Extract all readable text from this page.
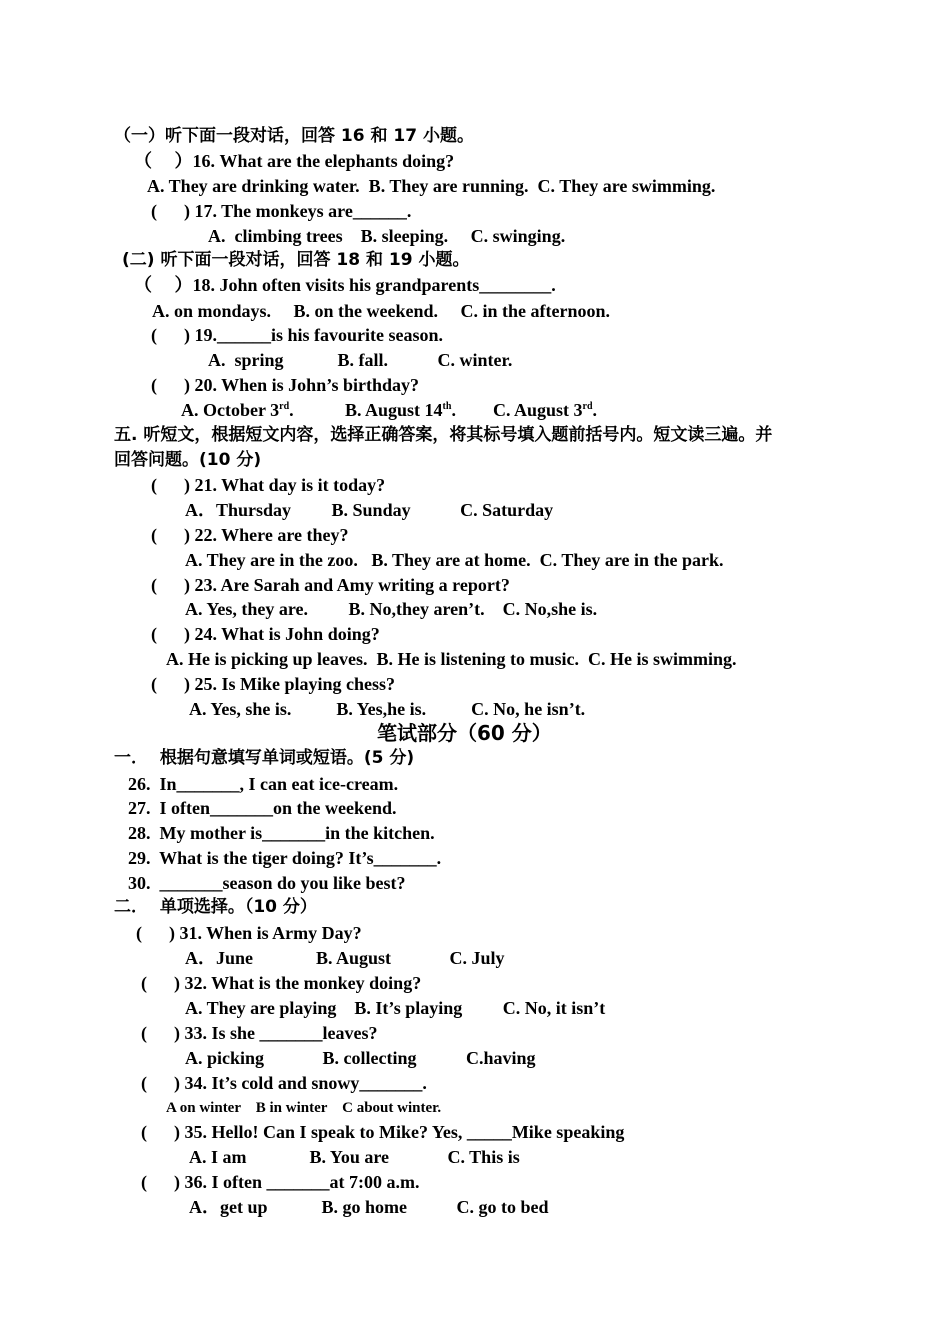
（一）听下面一段对话，回答 16 和 17 小题。
（     ）16. What are the elephants doing?
A. They are drinking water.  B. They are running.  C. They are swimming.
(      ) 17. The monkeys are______.
A.  climbing trees    B. sleeping.     C. swinging.
(二) 听下面一段对话，回答 18 和 19 小题。
（     ）18. John often visits his grandparents________.
A. on mondays.     B. on the weekend.     C. in the afternoon.
(      ) 19.______is his favourite season.
A.  spring            B. fall.           C. winter.
(      ) 20. When is John’s birthday?
A. October 3rd.	B. August 14th. C. August 3rd.
五. 听短文，根据短文内容，选择正确答案，将其标号填入题前括号内。短文读三遍。并
回答问题。(10 分)
(      ) 21. What day is it today?
A．Thursday         B. Sunday           C. Saturday
(      ) 22. Where are they?
A. They are in the zoo.   B. They are at home.  C. They are in the park.
(      ) 23. Are Sarah and Amy writing a report?
A. Yes, they are.         B. No,they aren’t.    C. No,she is.
(      ) 24. What is John doing?
A. He is picking up leaves.  B. He is listening to music.  C. He is swimming.
(      ) 25. Is Mike playing chess?
A. Yes, she is.          B. Yes,he is.          C. No, he isn’t.
笔试部分（60 分）
一．  根据句意填写单词或短语。(5 分)
26.  In_______, I can eat ice-cream.
27.  I often_______on the weekend.
28.  My mother is_______in the kitchen.
29.  What is the tiger doing? It’s_______.
30.  _______season do you like best?
二．  单项选择。（10 分）
(      ) 31. When is Army Day?
A．June              B. August             C. July
(      ) 32. What is the monkey doing?
A. They are playing    B. It’s playing         C. No, it isn’t
(      ) 33. Is she _______leaves?
A. picking             B. collecting           C.having
(      ) 34. It’s cold and snowy_______.
A on winter    B in winter    C about winter.
(      ) 35. Hello! Can I speak to Mike? Yes, _____Mike speaking
A. I am              B. You are             C. This is
(      ) 36. I often _______at 7:00 a.m.
A．get up            B. go home           C. go to bed
